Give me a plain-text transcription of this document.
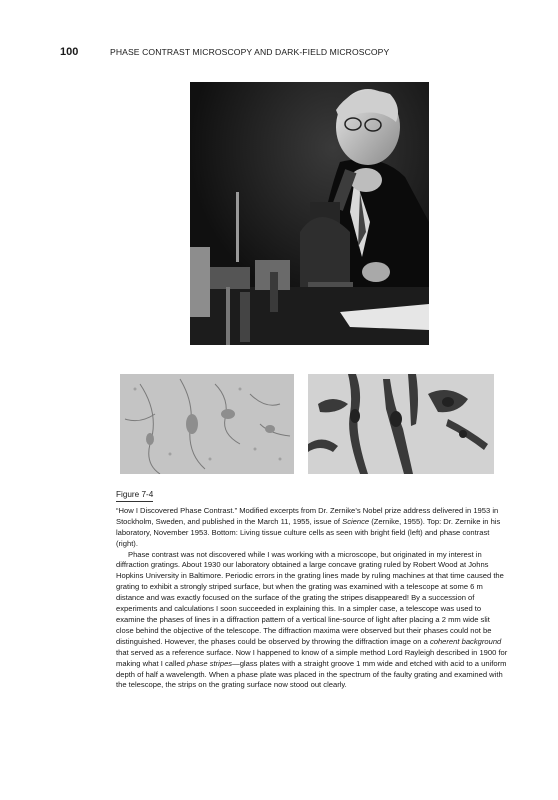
100	PHASE CONTRAST MICROSCOPY AND DARK-FIELD MICROSCOPY
Figure 7-4

“How I Discovered Phase Contrast.” Modified excerpts from Dr. Zernike’s Nobel prize address delivered in 1953 in Stockholm, Sweden, and published in the March 11, 1955, issue of Science (Zernike, 1955). Top: Dr. Zernike in his laboratory, November 1953. Bottom: Living tissue culture cells as seen with bright field (left) and phase contrast (right).

Phase contrast was not discovered while I was working with a microscope, but originated in my interest in diffraction gratings. About 1930 our laboratory obtained a large concave grating ruled by Robert Wood at Johns Hopkins University in Baltimore. Periodic errors in the grating lines made by ruling machines at that time caused the grating to exhibit a strongly striped surface, but when the grating was examined with a telescope at some 6 m distance and was exactly focused on the surface of the grating the stripes disappeared! By a succession of experiments and calculations I soon succeeded in explaining this. In a simpler case, a telescope was used to examine the phases of lines in a diffraction pattern of a vertical line-source of light after placing a 2 mm wide slit close behind the objective of the telescope. The diffraction maxima were observed but their phases could not be distinguished. However, the phases could be observed by throwing the diffraction image on a coherent background that served as a reference surface. Now I happened to know of a simple method Lord Rayleigh described in 1900 for making what I called phase stripes—glass plates with a straight groove 1 mm wide and etched with acid to a uniform depth of half a wavelength. When a phase plate was placed in the spectrum of the faulty grating and examined with the telescope, the strips on the grating surface now stood out clearly.
